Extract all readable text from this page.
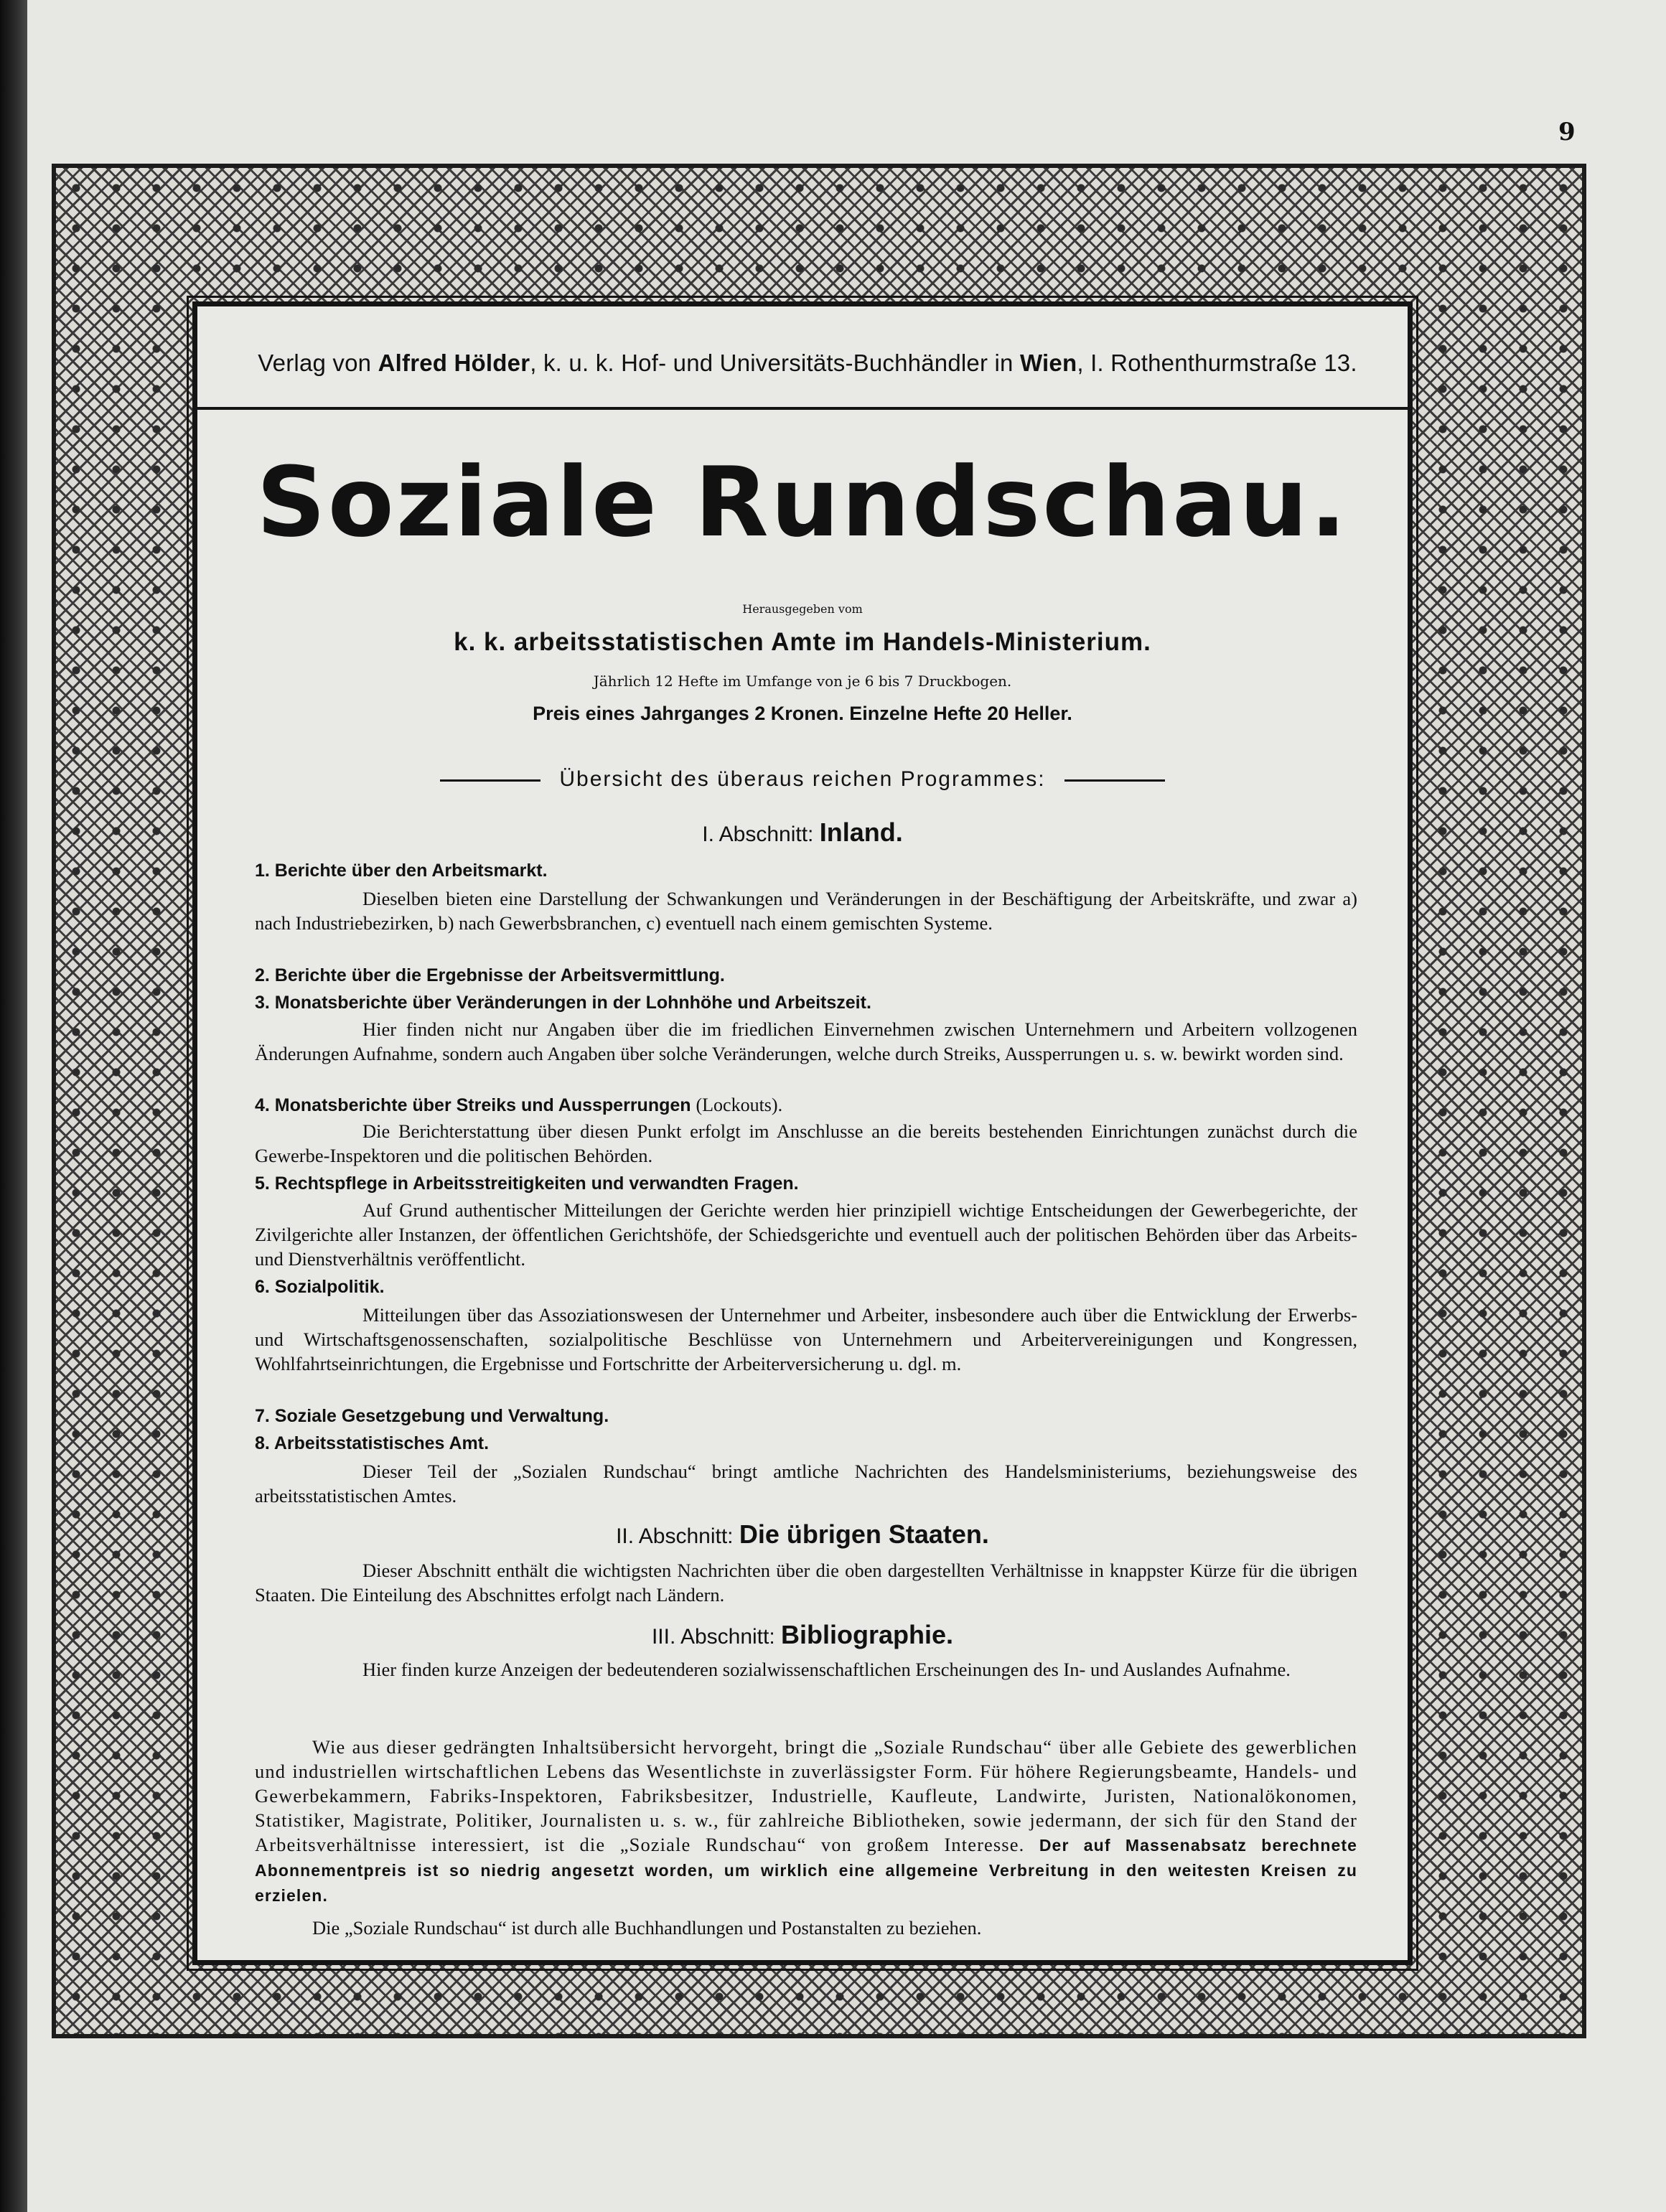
9
Verlag von Alfred Hölder, k. u. k. Hof- und Universitäts-Buchhändler in Wien, I. Rothenthurmstraße 13.
Soziale Rundschau.
Herausgegeben vom
k. k. arbeitsstatistischen Amte im Handels-Ministerium.
Jährlich 12 Hefte im Umfange von je 6 bis 7 Druckbogen.
Preis eines Jahrganges 2 Kronen. Einzelne Hefte 20 Heller.
Übersicht des überaus reichen Programmes:
I. Abschnitt: Inland.
1. Berichte über den Arbeitsmarkt.
Dieselben bieten eine Darstellung der Schwankungen und Veränderungen in der Beschäftigung der Arbeitskräfte, und zwar a) nach Industriebezirken, b) nach Gewerbsbranchen, c) eventuell nach einem gemischten Systeme.
2. Berichte über die Ergebnisse der Arbeitsvermittlung.
3. Monatsberichte über Veränderungen in der Lohnhöhe und Arbeitszeit.
Hier finden nicht nur Angaben über die im friedlichen Einvernehmen zwischen Unternehmern und Arbeitern vollzogenen Änderungen Aufnahme, sondern auch Angaben über solche Veränderungen, welche durch Streiks, Aussperrungen u. s. w. bewirkt worden sind.
4. Monatsberichte über Streiks und Aussperrungen (Lockouts).
Die Berichterstattung über diesen Punkt erfolgt im Anschlusse an die bereits bestehenden Einrichtungen zunächst durch die Gewerbe-Inspektoren und die politischen Behörden.
5. Rechtspflege in Arbeitsstreitigkeiten und verwandten Fragen.
Auf Grund authentischer Mitteilungen der Gerichte werden hier prinzipiell wichtige Entscheidungen der Gewerbegerichte, der Zivilgerichte aller Instanzen, der öffentlichen Gerichtshöfe, der Schiedsgerichte und eventuell auch der politischen Behörden über das Arbeits- und Dienstverhältnis veröffentlicht.
6. Sozialpolitik.
Mitteilungen über das Assoziationswesen der Unternehmer und Arbeiter, insbesondere auch über die Entwicklung der Erwerbs- und Wirtschaftsgenossenschaften, sozialpolitische Beschlüsse von Unternehmern und Arbeitervereinigungen und Kongressen, Wohlfahrtseinrichtungen, die Ergebnisse und Fortschritte der Arbeiterversicherung u. dgl. m.
7. Soziale Gesetzgebung und Verwaltung.
8. Arbeitsstatistisches Amt.
Dieser Teil der „Sozialen Rundschau“ bringt amtliche Nachrichten des Handelsministeriums, beziehungsweise des arbeitsstatistischen Amtes.
II. Abschnitt: Die übrigen Staaten.
Dieser Abschnitt enthält die wichtigsten Nachrichten über die oben dargestellten Verhältnisse in knappster Kürze für die übrigen Staaten. Die Einteilung des Abschnittes erfolgt nach Ländern.
III. Abschnitt: Bibliographie.
Hier finden kurze Anzeigen der bedeutenderen sozialwissenschaftlichen Erscheinungen des In- und Auslandes Aufnahme.
Wie aus dieser gedrängten Inhaltsübersicht hervorgeht, bringt die „Soziale Rundschau“ über alle Gebiete des gewerblichen und industriellen wirtschaftlichen Lebens das Wesentlichste in zuverlässigster Form. Für höhere Regierungsbeamte, Handels- und Gewerbekammern, Fabriks-Inspektoren, Fabriksbesitzer, Industrielle, Kaufleute, Landwirte, Juristen, Nationalökonomen, Statistiker, Magistrate, Politiker, Journalisten u. s. w., für zahlreiche Bibliotheken, sowie jedermann, der sich für den Stand der Arbeitsverhältnisse interessiert, ist die „Soziale Rundschau“ von großem Interesse. Der auf Massenabsatz berechnete Abonnementpreis ist so niedrig angesetzt worden, um wirklich eine allgemeine Verbreitung in den weitesten Kreisen zu erzielen.
Die „Soziale Rundschau“ ist durch alle Buchhandlungen und Postanstalten zu beziehen.
